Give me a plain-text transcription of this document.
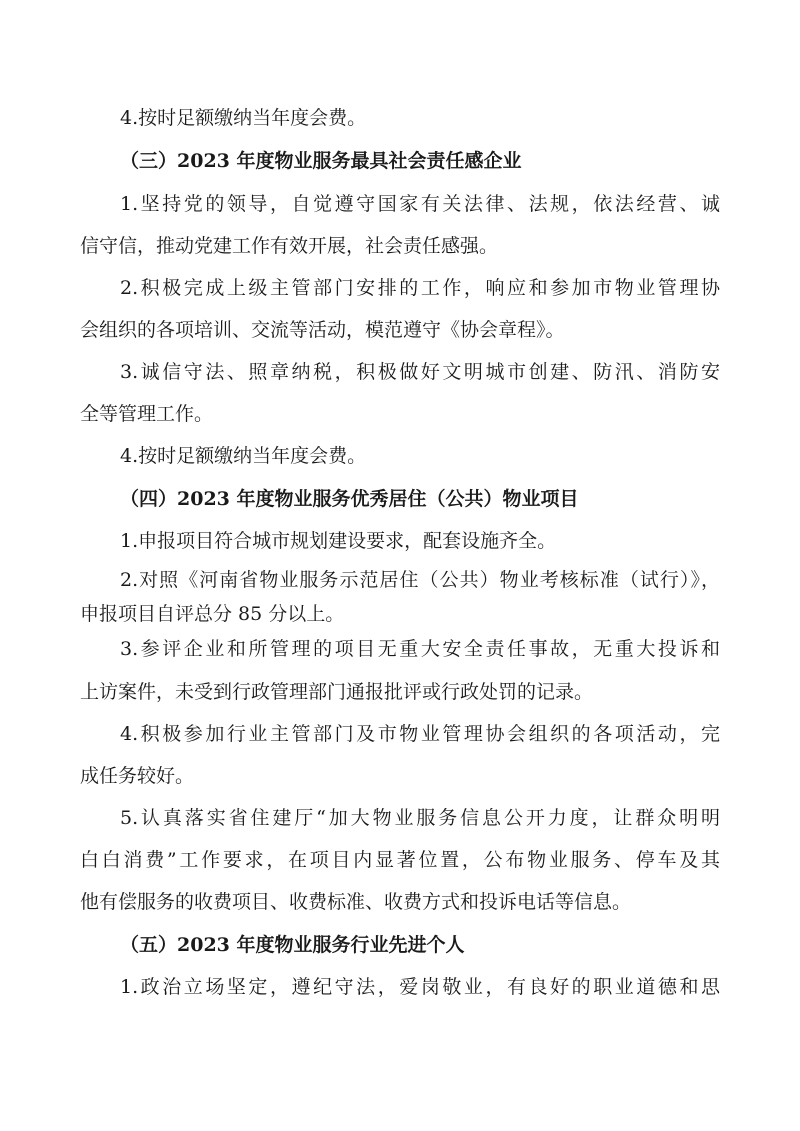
4.按时足额缴纳当年度会费。
（三）2023 年度物业服务最具社会责任感企业
1.坚持党的领导，自觉遵守国家有关法律、法规，依法经营、诚
信守信，推动党建工作有效开展，社会责任感强。
2.积极完成上级主管部门安排的工作，响应和参加市物业管理协
会组织的各项培训、交流等活动，模范遵守《协会章程》。
3.诚信守法、照章纳税，积极做好文明城市创建、防汛、消防安
全等管理工作。
4.按时足额缴纳当年度会费。
（四）2023 年度物业服务优秀居住（公共）物业项目
1.申报项目符合城市规划建设要求，配套设施齐全。
2.对照《河南省物业服务示范居住（公共）物业考核标准（试行）》，
申报项目自评总分 85 分以上。
3.参评企业和所管理的项目无重大安全责任事故，无重大投诉和
上访案件，未受到行政管理部门通报批评或行政处罚的记录。
4.积极参加行业主管部门及市物业管理协会组织的各项活动，完
成任务较好。
5.认真落实省住建厅“加大物业服务信息公开力度，让群众明明
白白消费”工作要求，在项目内显著位置，公布物业服务、停车及其
他有偿服务的收费项目、收费标准、收费方式和投诉电话等信息。
（五）2023 年度物业服务行业先进个人
1.政治立场坚定，遵纪守法，爱岗敬业，有良好的职业道德和思
